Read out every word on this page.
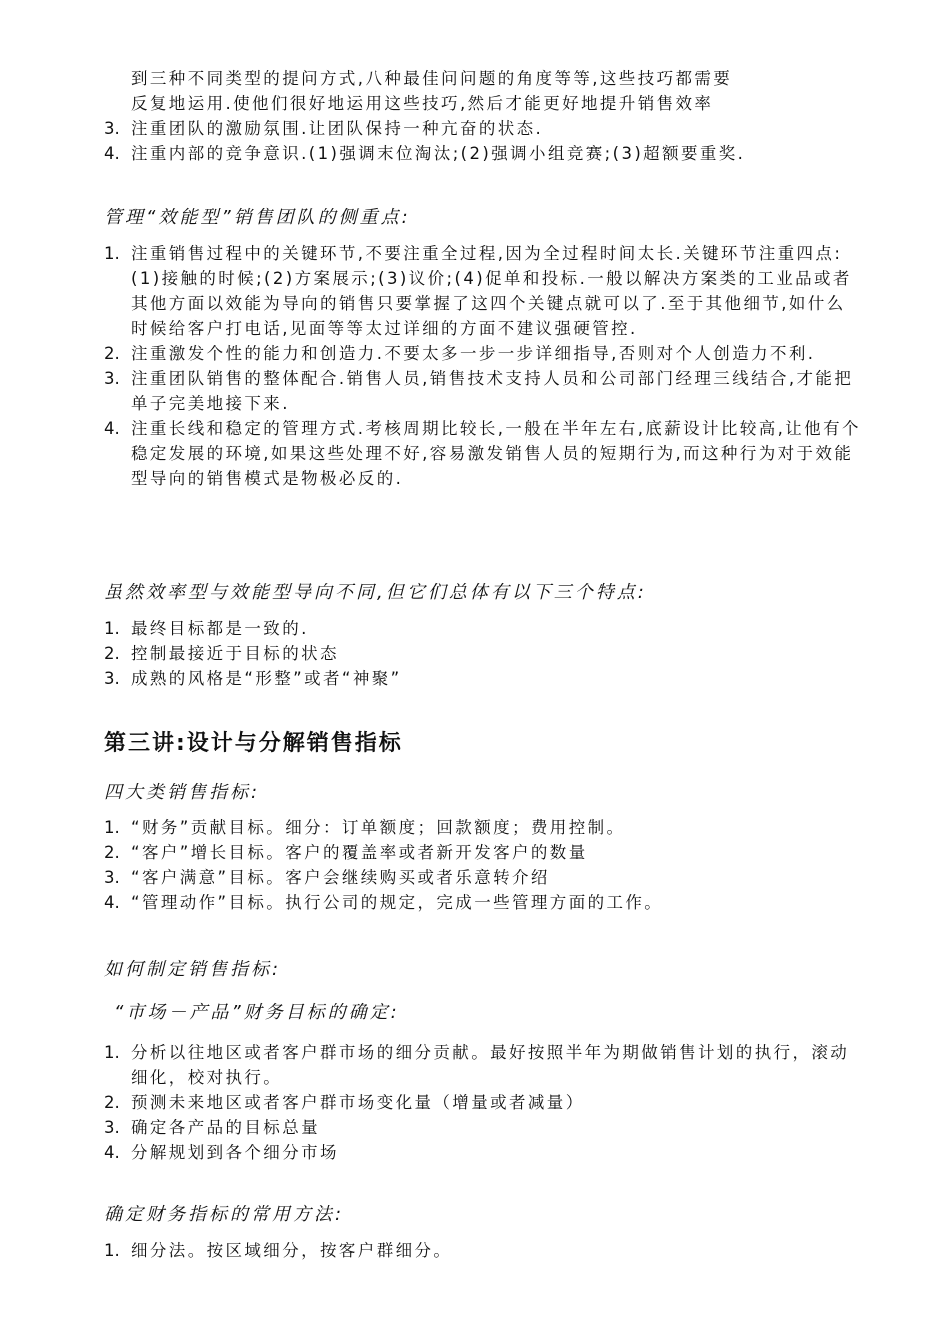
到三种不同类型的提问方式,八种最佳问问题的角度等等,这些技巧都需要
反复地运用.使他们很好地运用这些技巧,然后才能更好地提升销售效率
3. 注重团队的激励氛围.让团队保持一种亢奋的状态.
4. 注重内部的竞争意识.(1)强调末位淘汰;(2)强调小组竞赛;(3)超额要重奖.
管理“效能型”销售团队的侧重点:
1. 注重销售过程中的关键环节,不要注重全过程,因为全过程时间太长.关键环节注重四点:(1)接触的时候;(2)方案展示;(3)议价;(4)促单和投标.一般以解决方案类的工业品或者其他方面以效能为导向的销售只要掌握了这四个关键点就可以了.至于其他细节,如什么时候给客户打电话,见面等等太过详细的方面不建议强硬管控.
2. 注重激发个性的能力和创造力.不要太多一步一步详细指导,否则对个人创造力不利.
3. 注重团队销售的整体配合.销售人员,销售技术支持人员和公司部门经理三线结合,才能把单子完美地接下来.
4. 注重长线和稳定的管理方式.考核周期比较长,一般在半年左右,底薪设计比较高,让他有个稳定发展的环境,如果这些处理不好,容易激发销售人员的短期行为,而这种行为对于效能型导向的销售模式是物极必反的.
虽然效率型与效能型导向不同,但它们总体有以下三个特点:
1. 最终目标都是一致的.
2. 控制最接近于目标的状态
3. 成熟的风格是“形整”或者“神聚”
第三讲:设计与分解销售指标
四大类销售指标:
1. “财务”贡献目标。细分：订单额度；回款额度；费用控制。
2. “客户”增长目标。客户的覆盖率或者新开发客户的数量
3. “客户满意”目标。客户会继续购买或者乐意转介绍
4. “管理动作”目标。执行公司的规定，完成一些管理方面的工作。
如何制定销售指标:
“市场－产品”财务目标的确定:
1. 分析以往地区或者客户群市场的细分贡献。最好按照半年为期做销售计划的执行，滚动细化，校对执行。
2. 预测未来地区或者客户群市场变化量（增量或者减量）
3. 确定各产品的目标总量
4. 分解规划到各个细分市场
确定财务指标的常用方法:
1. 细分法。按区域细分，按客户群细分。
